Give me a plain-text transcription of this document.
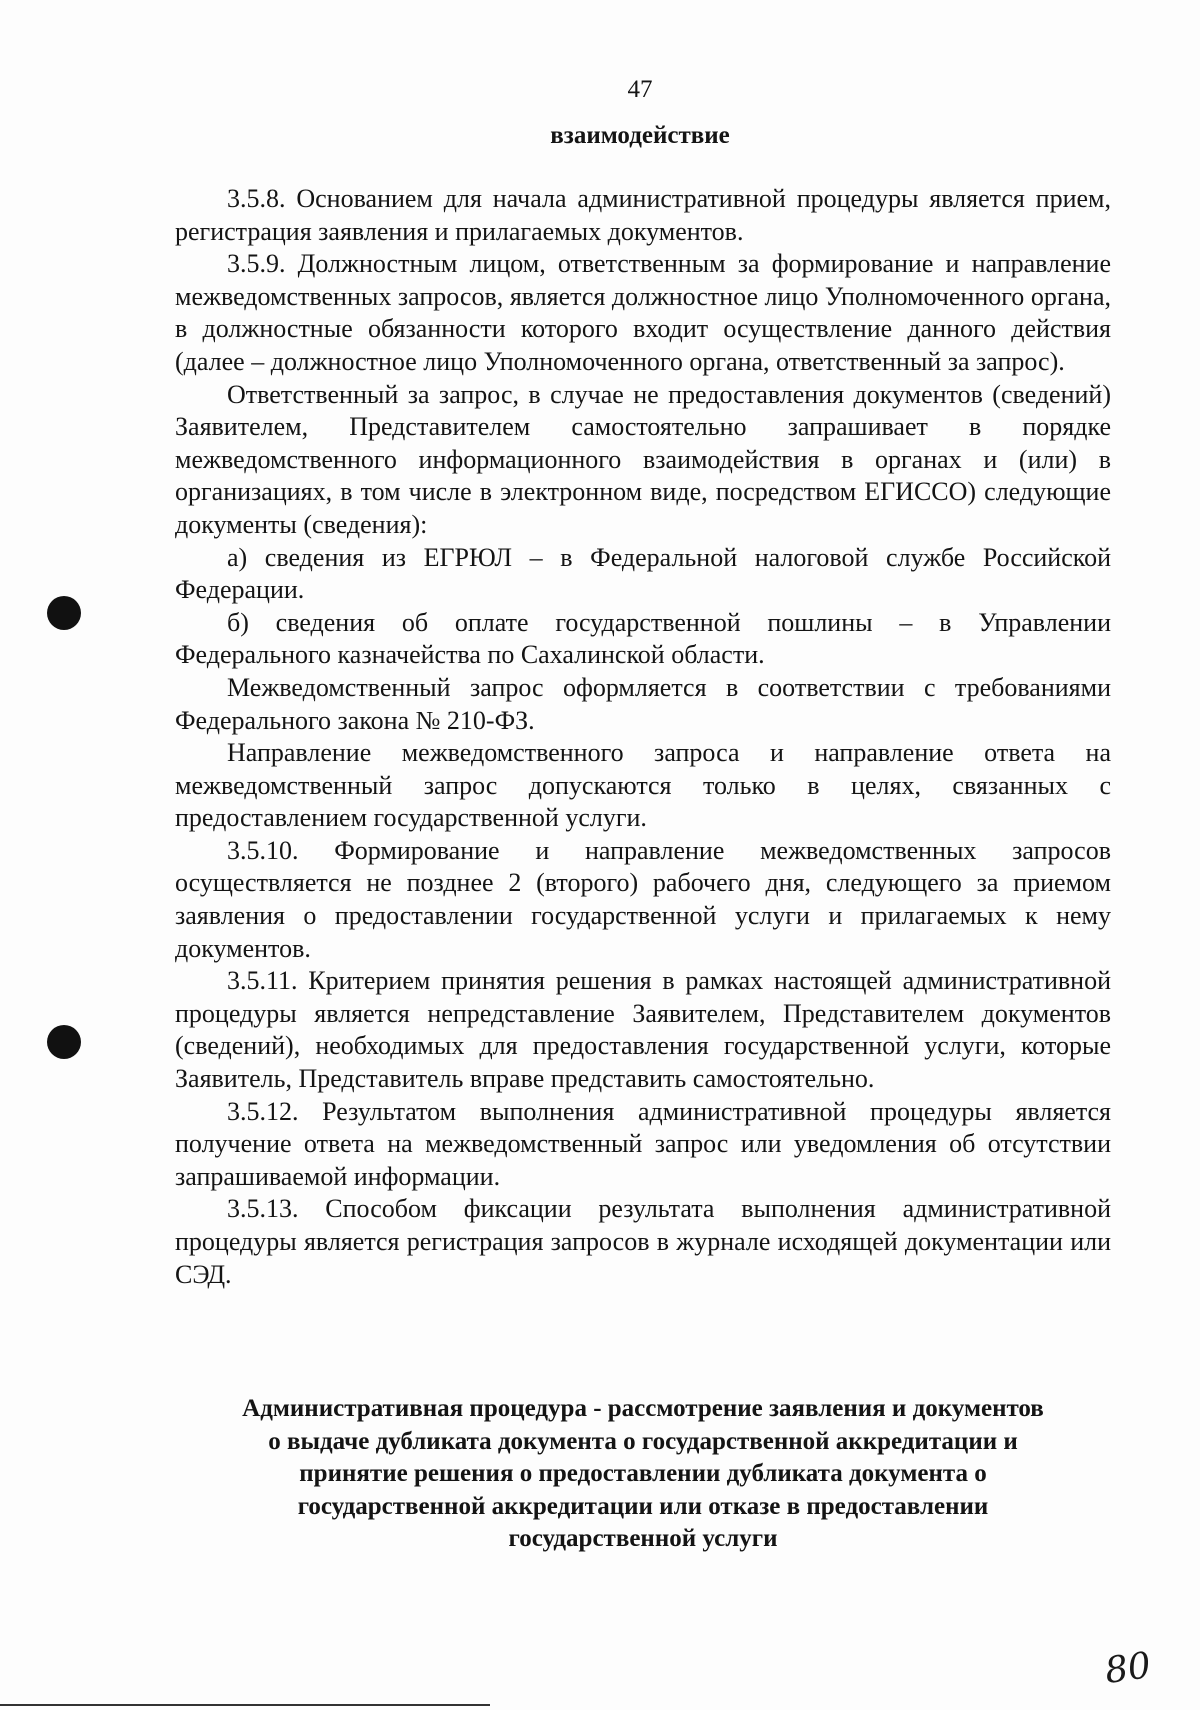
47
взаимодействие

3.5.8. Основанием для начала административной процедуры является прием, регистрация заявления и прилагаемых документов.

3.5.9. Должностным лицом, ответственным за формирование и направление межведомственных запросов, является должностное лицо Уполномоченного органа, в должностные обязанности которого входит осуществление данного действия (далее – должностное лицо Уполномоченного органа, ответственный за запрос).

Ответственный за запрос, в случае не предоставления документов (сведений) Заявителем, Представителем самостоятельно запрашивает в порядке межведомственного информационного взаимодействия в органах и (или) в организациях, в том числе в электронном виде, посредством ЕГИССО) следующие документы (сведения):

а) сведения из ЕГРЮЛ – в Федеральной налоговой службе Российской Федерации.

б) сведения об оплате государственной пошлины – в Управлении Федерального казначейства по Сахалинской области.

Межведомственный запрос оформляется в соответствии с требованиями Федерального закона № 210-ФЗ.

Направление межведомственного запроса и направление ответа на межведомственный запрос допускаются только в целях, связанных с предоставлением государственной услуги.

3.5.10. Формирование и направление межведомственных запросов осуществляется не позднее 2 (второго) рабочего дня, следующего за приемом заявления о предоставлении государственной услуги и прилагаемых к нему документов.

3.5.11. Критерием принятия решения в рамках настоящей административной процедуры является непредставление Заявителем, Представителем документов (сведений), необходимых для предоставления государственной услуги, которые Заявитель, Представитель вправе представить самостоятельно.

3.5.12. Результатом выполнения административной процедуры является получение ответа на межведомственный запрос или уведомления об отсутствии запрашиваемой информации.

3.5.13. Способом фиксации результата выполнения административной процедуры является регистрация запросов в журнале исходящей документации или СЭД.

Административная процедура - рассмотрение заявления и документов
о выдаче дубликата документа о государственной аккредитации и
принятие решения о предоставлении дубликата документа о
государственной аккредитации или отказе в предоставлении
государственной услуги
80
